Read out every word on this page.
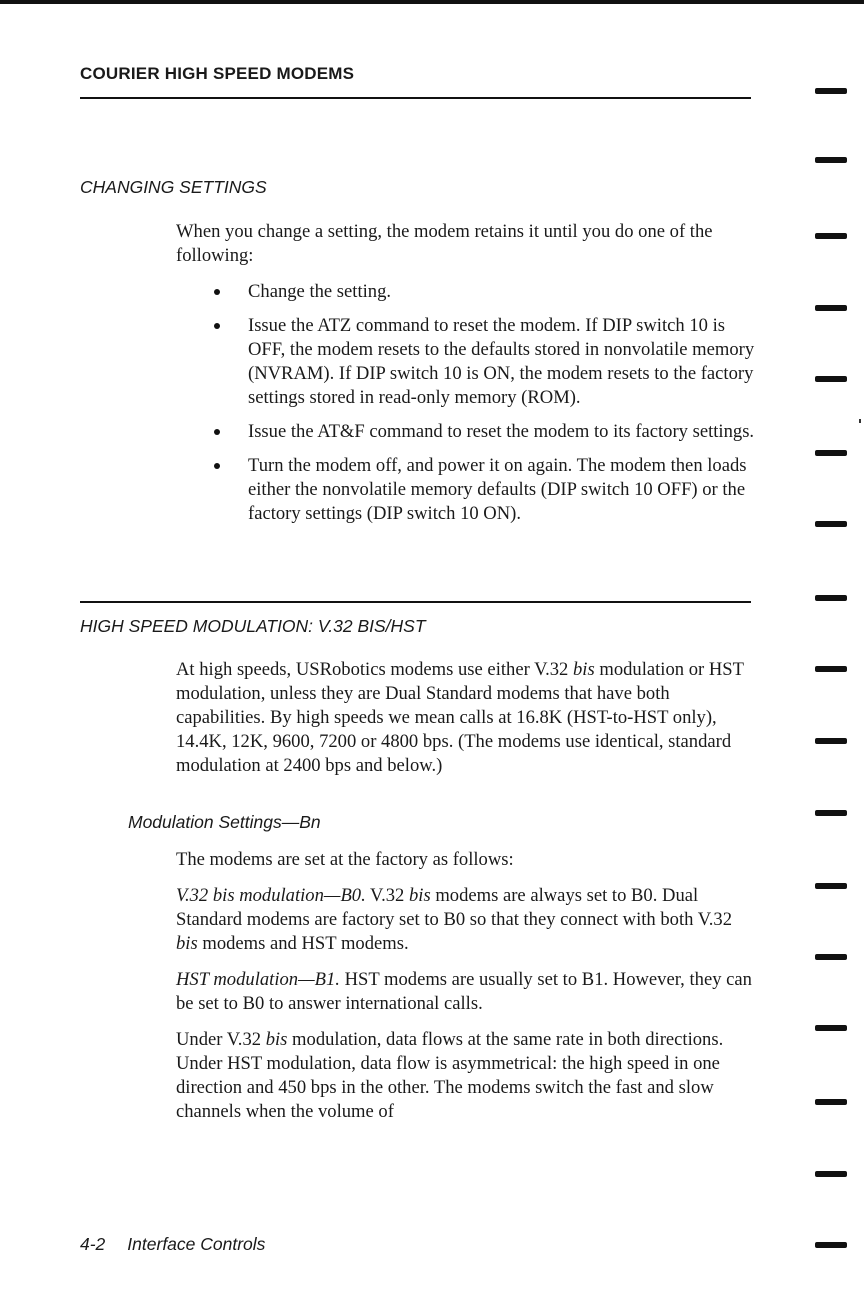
COURIER HIGH SPEED MODEMS
CHANGING SETTINGS
When you change a setting, the modem retains it until you do one of the following:
Change the setting.
Issue the ATZ command to reset the modem. If DIP switch 10 is OFF, the modem resets to the defaults stored in nonvolatile memory (NVRAM). If DIP switch 10 is ON, the modem resets to the factory settings stored in read-only memory (ROM).
Issue the AT&F command to reset the modem to its factory settings.
Turn the modem off, and power it on again. The modem then loads either the nonvolatile memory defaults (DIP switch 10 OFF) or the factory settings (DIP switch 10 ON).
HIGH SPEED MODULATION: V.32 BIS/HST
At high speeds, USRobotics modems use either V.32 bis modulation or HST modulation, unless they are Dual Standard modems that have both capabilities. By high speeds we mean calls at 16.8K (HST-to-HST only), 14.4K, 12K, 9600, 7200 or 4800 bps. (The modems use identical, standard modulation at 2400 bps and below.)
Modulation Settings—Bn

The modems are set at the factory as follows:

V.32 bis modulation—B0. V.32 bis modems are always set to B0. Dual Standard modems are factory set to B0 so that they connect with both V.32 bis modems and HST modems.

HST modulation—B1. HST modems are usually set to B1. However, they can be set to B0 to answer international calls.

Under V.32 bis modulation, data flows at the same rate in both directions. Under HST modulation, data flow is asymmetrical: the high speed in one direction and 450 bps in the other. The modems switch the fast and slow channels when the volume of

4-2 Interface Controls
